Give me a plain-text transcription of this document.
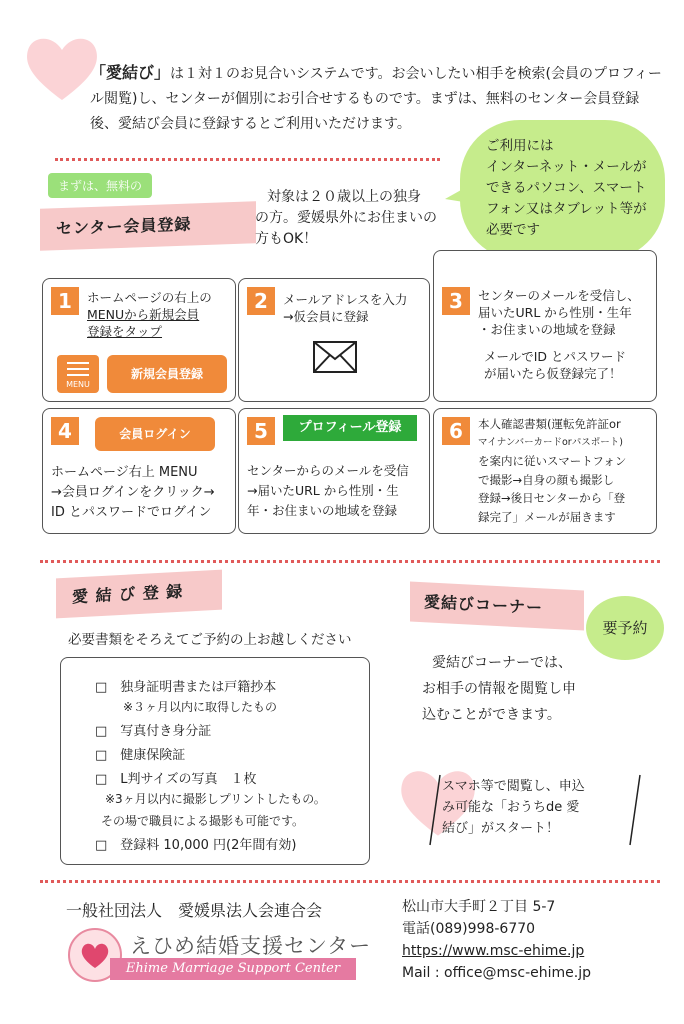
「愛結び」は１対１のお見合いシステムです。お会いしたい相手を検索(会員のプロフィール閲覧)し、センターが個別にお引合せするものです。まずは、無料のセンター会員登録後、愛結び会員に登録するとご利用いただけます。
ご利用には
インターネット・メールが
できるパソコン、スマート
フォン又はタブレット等が
必要です
まずは、無料の
センター会員登録
対象は２０歳以上の独身
の方。愛媛県外にお住まいの
方もOK！
1	ホームページの右上の
MENUから新規会員
登録をタップ
MENU
新規会員登録
2	メールアドレスを入力
→仮会員に登録
3	センターのメールを受信し、
届いたURL から性別・生年
・お住まいの地域を登録
メールでID とパスワード
が届いたら仮登録完了！
4	会員ログイン
ホームページ右上 MENU
→会員ログインをクリック→
ID とパスワードでログイン
5	プロフィール登録
センターからのメールを受信
→届いたURL から性別・生
年・お住まいの地域を登録
6	本人確認書類(運転免許証or
マイナンバーカードorパスポート)
を案内に従いスマートフォン
で撮影→自身の顔も撮影し
登録→後日センターから「登
録完了」メールが届きます
愛 結 び 登 録
必要書類をそろえてご予約の上お越しください
□　独身証明書または戸籍抄本
※３ヶ月以内に取得したもの
□　写真付き身分証
□　健康保険証
□　L判サイズの写真　１枚
※3ヶ月以内に撮影しプリントしたもの。
その場で職員による撮影も可能です。
□　登録料 10,000 円(2年間有効)
愛結びコーナー
要予約
愛結びコーナーでは、
お相手の情報を閲覧し申
込むことができます。
スマホ等で閲覧し、申込
み可能な「おうちde 愛
結び」がスタート！
一般社団法人　愛媛県法人会連合会
えひめ結婚支援センター
Ehime Marriage Support Center
松山市大手町２丁目 5-7
電話(089)998-6770
https://www.msc-ehime.jp
Mail : office@msc-ehime.jp
